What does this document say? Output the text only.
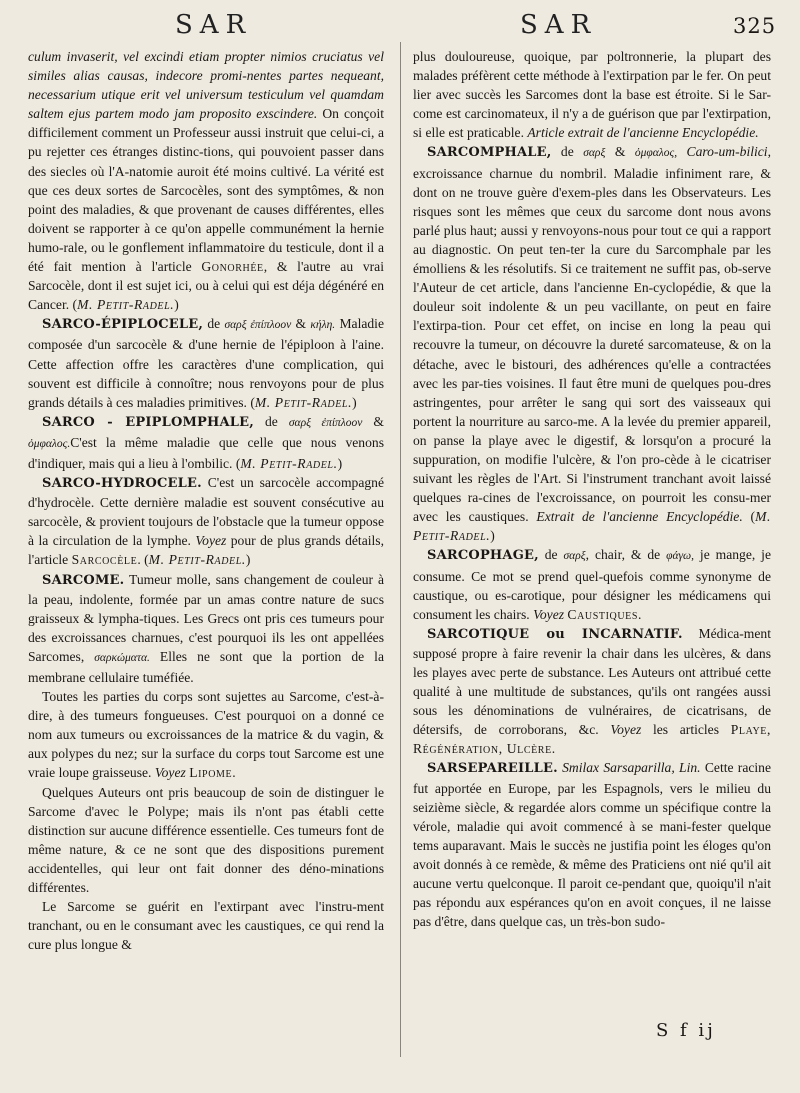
SAR	SAR	325

culum invaserit, vel excindi etiam propter nimios cruciatus vel similes alias causas, indecore promi-nentes partes nequeant, necessarium utique erit vel universum testiculum vel quamdam saltem ejus partem modo jam proposito exscindere. On conçoit difficilement comment un Professeur aussi instruit que celui-ci, a pu rejetter ces étranges distinc-tions, qui pouvoient passer dans des siecles où l'A-natomie auroit été moins cultivé. La vérité est que ces deux sortes de Sarcocèles, sont des symptômes, & non point des maladies, & que provenant de causes différentes, elles doivent se rapporter à ce qu'on appelle communément la hernie humo-rale, ou le gonflement inflammatoire du testicule, dont il a été fait mention à l'article Gonorhée, & l'autre au vrai Sarcocèle, dont il est sujet ici, ou à celui qui est déja dégénéré en Cancer. (M. Petit-Radel.)

SARCO-ÉPIPLOCELE, de σαρξ ἐπίπλοον & κήλη. Maladie composée d'un sarcocèle & d'une hernie de l'épiploon à l'aine. Cette affection offre les caractères d'une complication, qui souvent est difficile à connoître; nous renvoyons pour de plus grands détails à ces maladies primitives. (M. Petit-Radel.)

SARCO - EPIPLOMPHALE, de σαρξ ἐπίπλοον & ὀμφαλος.C'est la même maladie que celle que nous venons d'indiquer, mais qui a lieu à l'ombilic. (M. Petit-Radel.)

SARCO-HYDROCELE. C'est un sarcocèle accompagné d'hydrocèle. Cette dernière maladie est souvent consécutive au sarcocèle, & provient toujours de l'obstacle que la tumeur oppose à la circulation de la lymphe. Voyez pour de plus grands détails, l'article Sarcocèle. (M. Petit-Radel.)

SARCOME. Tumeur molle, sans changement de couleur à la peau, indolente, formée par un amas contre nature de sucs graisseux & lympha-tiques. Les Grecs ont pris ces tumeurs pour des excroissances charnues, c'est pourquoi ils les ont appellées Sarcomes, σαρκώματα. Elles ne sont que la portion de la membrane cellulaire tuméfiée.

Toutes les parties du corps sont sujettes au Sarcome, c'est-à-dire, à des tumeurs fongueuses. C'est pourquoi on a donné ce nom aux tumeurs ou excroissances de la matrice & du vagin, & aux polypes du nez; sur la surface du corps tout Sarcome est une vraie loupe graisseuse. Voyez Lipome.

Quelques Auteurs ont pris beaucoup de soin de distinguer le Sarcome d'avec le Polype; mais ils n'ont pas établi cette distinction sur aucune différence essentielle. Ces tumeurs font de même nature, & ce ne sont que des dispositions purement accidentelles, qui leur ont fait donner des déno-minations différentes.

Le Sarcome se guérit en l'extirpant avec l'instru-ment tranchant, ou en le consumant avec les caustiques, ce qui rend la cure plus longue &

plus douloureuse, quoique, par poltronnerie, la plupart des malades préfèrent cette méthode à l'extirpation par le fer. On peut lier avec succès les Sarcomes dont la base est étroite. Si le Sar-come est carcinomateux, il n'y a de guérison que par l'extirpation, si elle est praticable. Article extrait de l'ancienne Encyclopédie.

SARCOMPHALE, de σαρξ & ὀμφαλος, Caro-um-bilici, excroissance charnue du nombril. Maladie infiniment rare, & dont on ne trouve guère d'exem-ples dans les Observateurs. Les risques sont les mêmes que ceux du sarcome dont nous avons parlé plus haut; aussi y renvoyons-nous pour tout ce qui a rapport au diagnostic. On peut ten-ter la cure du Sarcomphale par les émolliens & les résolutifs. Si ce traitement ne suffit pas, ob-serve l'Auteur de cet article, dans l'ancienne En-cyclopédie, & que la douleur soit indolente & un peu vacillante, on peut en faire l'extirpa-tion. Pour cet effet, on incise en long la peau qui recouvre la tumeur, on découvre la dureté sarcomateuse, & on la détache, avec le bistouri, des adhérences qu'elle a contractées avec les par-ties voisines. Il faut être muni de quelques pou-dres astringentes, pour arrêter le sang qui sort des vaisseaux qui portent la nourriture au sarco-me. A la levée du premier appareil, on panse la playe avec le digestif, & lorsqu'on a procuré la suppuration, on modifie l'ulcère, & l'on pro-cède à le cicatriser suivant les règles de l'Art. Si l'instrument tranchant avoit laissé quelques ra-cines de l'excroissance, on pourroit les consu-mer avec les caustiques. Extrait de l'ancienne Encyclopédie. (M. Petit-Radel.)

SARCOPHAGE, de σαρξ, chair, & de φάγω, je mange, je consume. Ce mot se prend quel-quefois comme synonyme de caustique, ou es-carotique, pour désigner les médicamens qui consument les chairs. Voyez Caustiques.

SARCOTIQUE ou INCARNATIF. Médica-ment supposé propre à faire revenir la chair dans les ulcères, & dans les playes avec perte de substance. Les Auteurs ont attribué cette qualité à une multitude de substances, qu'ils ont rangées aussi sous les dénominations de vulnéraires, de cicatrisans, de détersifs, de corroborans, &c. Voyez les articles Playe, Régénération, Ulcère.

SARSEPAREILLE. Smilax Sarsaparilla, Lin. Cette racine fut apportée en Europe, par les Espagnols, vers le milieu du seizième siècle, & regardée alors comme un spécifique contre la vérole, maladie qui avoit commencé à se mani-fester quelque tems auparavant. Mais le succès ne justifia point les éloges qu'on avoit donnés à ce remède, & même des Praticiens ont nié qu'il ait aucune vertu quelconque. Il paroit ce-pendant que, quoiqu'il n'ait pas répondu aux espérances qu'on en avoit conçues, il ne laisse pas d'être, dans quelque cas, un très-bon sudo-

S f ij
